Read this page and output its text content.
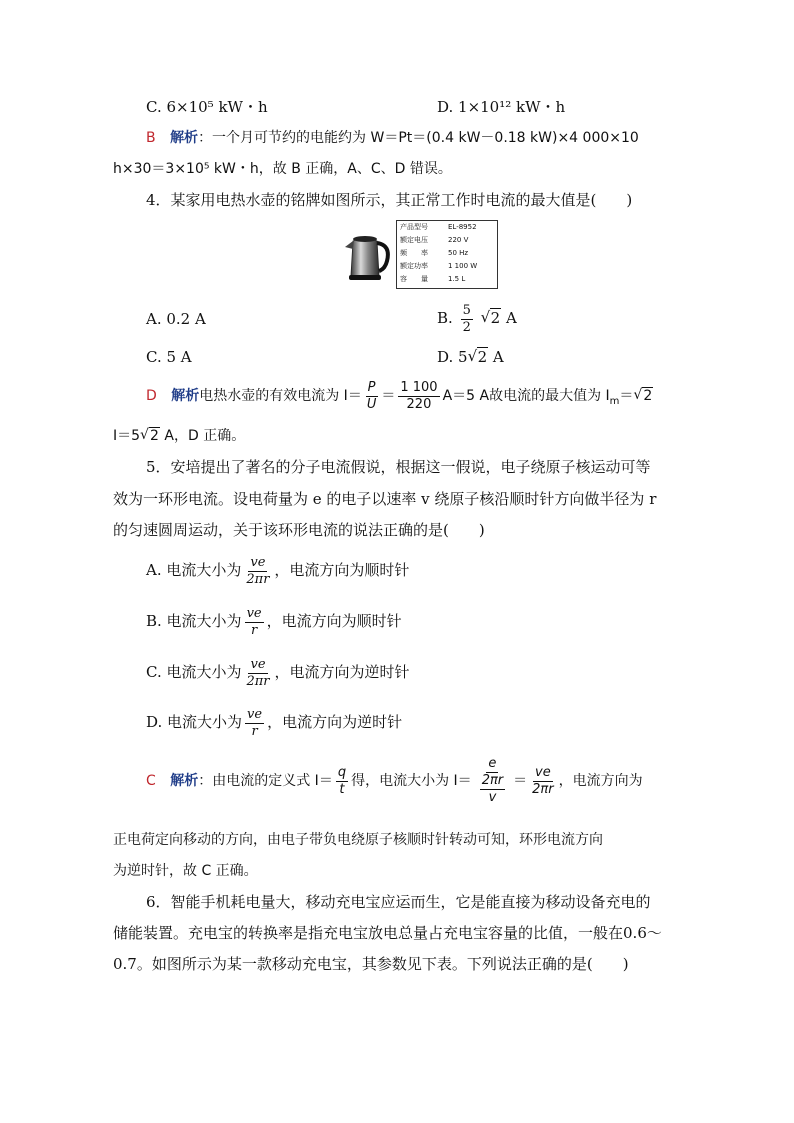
C. 6×10⁵ kW・h	D. 1×10¹² kW・h
B 解析：一个月可节约的电能约为 W＝Pt＝(0.4 kW－0.18 kW)×4 000×10
h×30＝3×10⁵ kW・h，故 B 正确，A、C、D 错误。
4．某家用电热水壶的铭牌如图所示，其正常工作时电流的最大值是(　　)
产品型号	EL-8952
额定电压	220 V
频　　率	50 Hz
额定功率	1 100 W
容　　量	1.5 L
A. 0.2 A	B. $\frac{5}{2}$
√ 2 A
C. 5 A	D. 5√ 2 A
D 解析电热水壶的有效电流为 $I= \frac{P}{U} = \frac{1 100}{220} A=5$ A故电流的最大值为 $I_m=√$ 2
I＝5√ 2 A，D 正确。
5．安培提出了著名的分子电流假说，根据这一假说，电子绕原子核运动可等
效为一环形电流。设电荷量为 e 的电子以速率 v 绕原子核沿顺时针方向做半径为 r
的匀速圆周运动，关于该环形电流的说法正确的是(　　)
A. 电流大小为 $\frac{ve}{2\pi r}$ ，电流方向为顺时针
B. 电流大小为 $\frac{ve}{r}$ ，电流方向为顺时针
C. 电流大小为 $\frac{ve}{2\pi r}$ ，电流方向为逆时针
D. 电流大小为 $\frac{ve}{r}$ ，电流方向为逆时针
C 解析：由电流的定义式 $I= \frac{q}{t}$ 得，电流大小为 $I= \frac{e}{\frac{2\pi r}{v}} = \frac{ve}{2\pi r}$ ，电流方向为
正电荷定向移动的方向，由电子带负电绕原子核顺时针转动可知，环形电流方向
为逆时针，故 C 正确。
6．智能手机耗电量大，移动充电宝应运而生，它是能直接为移动设备充电的
储能装置。充电宝的转换率是指充电宝放电总量占充电宝容量的比值，一般在0.6～
0.7。如图所示为某一款移动充电宝，其参数见下表。下列说法正确的是(　　)
